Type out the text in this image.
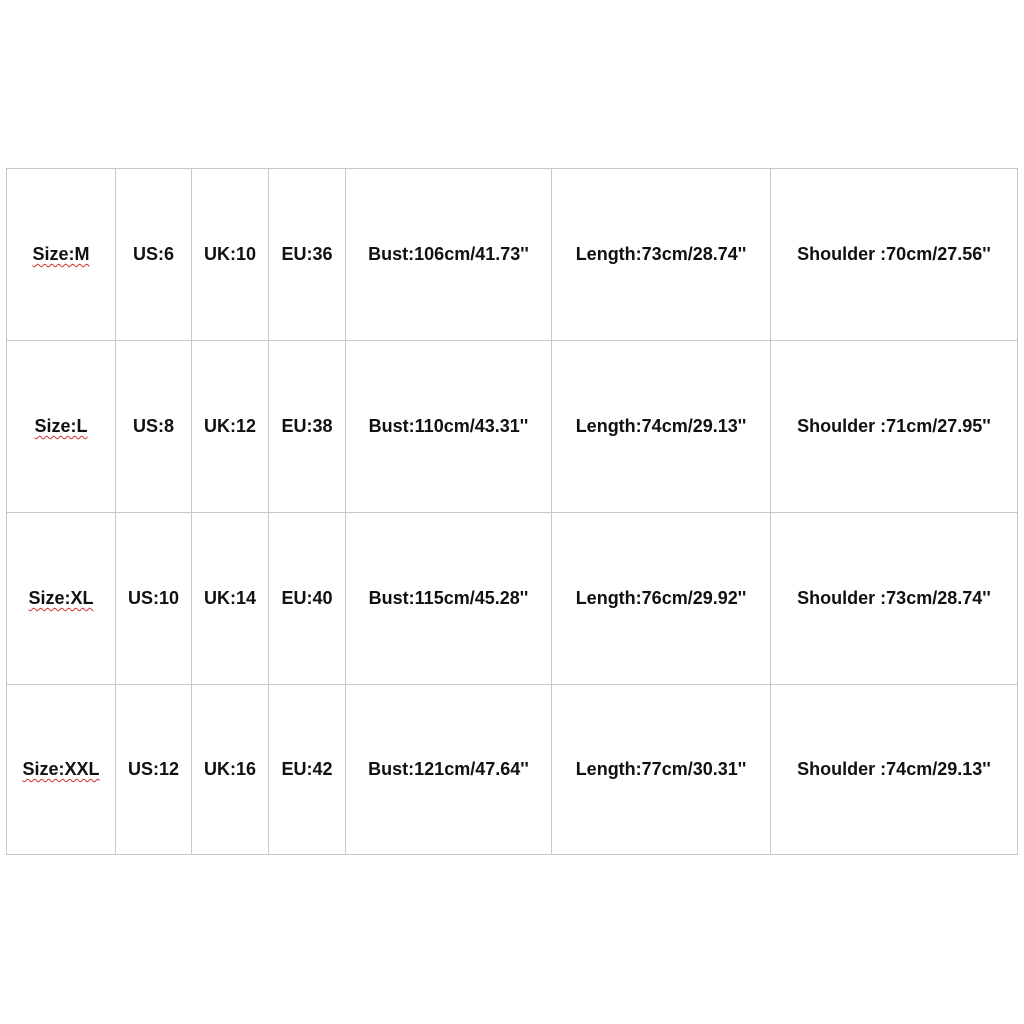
Size:M	US:6	UK:10	EU:36	Bust:106cm/41.73''	Length:73cm/28.74''	Shoulder :70cm/27.56''
Size:L	US:8	UK:12	EU:38	Bust:110cm/43.31''	Length:74cm/29.13''	Shoulder :71cm/27.95''
Size:XL	US:10	UK:14	EU:40	Bust:115cm/45.28''	Length:76cm/29.92''	Shoulder :73cm/28.74''
Size:XXL	US:12	UK:16	EU:42	Bust:121cm/47.64''	Length:77cm/30.31''	Shoulder :74cm/29.13''
